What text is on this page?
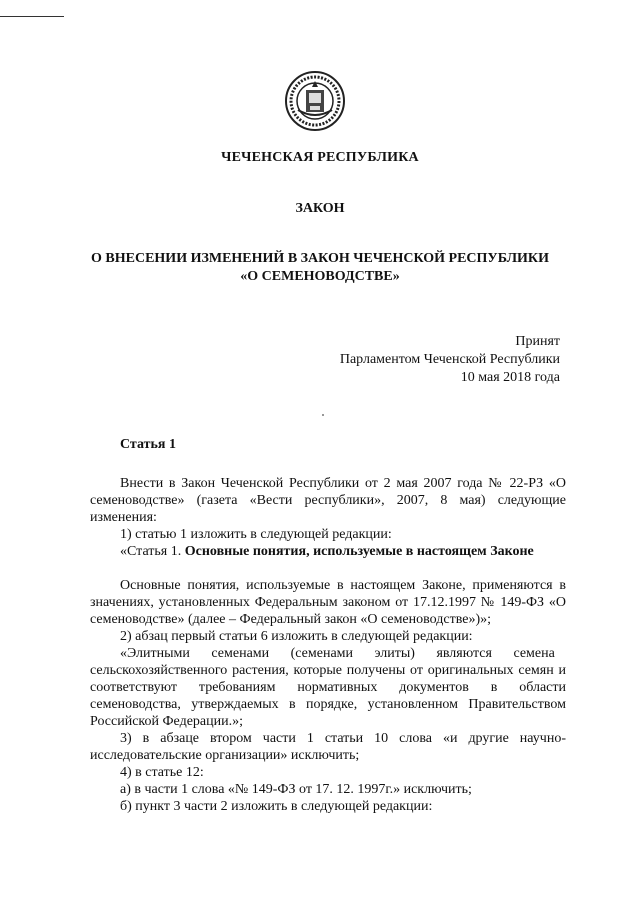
ЧЕЧЕНСКАЯ РЕСПУБЛИКА
ЗАКОН
О ВНЕСЕНИИ ИЗМЕНЕНИЙ В ЗАКОН ЧЕЧЕНСКОЙ РЕСПУБЛИКИ
«О СЕМЕНОВОДСТВЕ»
Принят
Парламентом Чеченской Республики
10 мая 2018 года
Статья 1

Внести в Закон Чеченской Республики от 2 мая 2007 года № 22-РЗ «О семеноводстве» (газета «Вести республики», 2007, 8 мая) следующие изменения:

1) статью 1 изложить в следующей редакции:

«Статья 1. Основные понятия, используемые в настоящем Законе

Основные понятия, используемые в настоящем Законе, применяются в значениях, установленных Федеральным законом от 17.12.1997 № 149-ФЗ «О семеноводстве» (далее – Федеральный закон «О семеноводстве»)»;

2) абзац первый статьи 6 изложить в следующей редакции:

«Элитными семенами (семенами элиты) являются семена

сельскохозяйственного растения, которые получены от оригинальных семян и соответствуют требованиям нормативных документов в области семеноводства, утверждаемых в порядке, установленном Правительством Российской Федерации.»;

3) в абзаце втором части 1 статьи 10 слова «и другие научно-исследовательские организации» исключить;

4) в статье 12:

а) в части 1 слова «№ 149-ФЗ от 17. 12. 1997г.» исключить;

б) пункт 3 части 2 изложить в следующей редакции:
